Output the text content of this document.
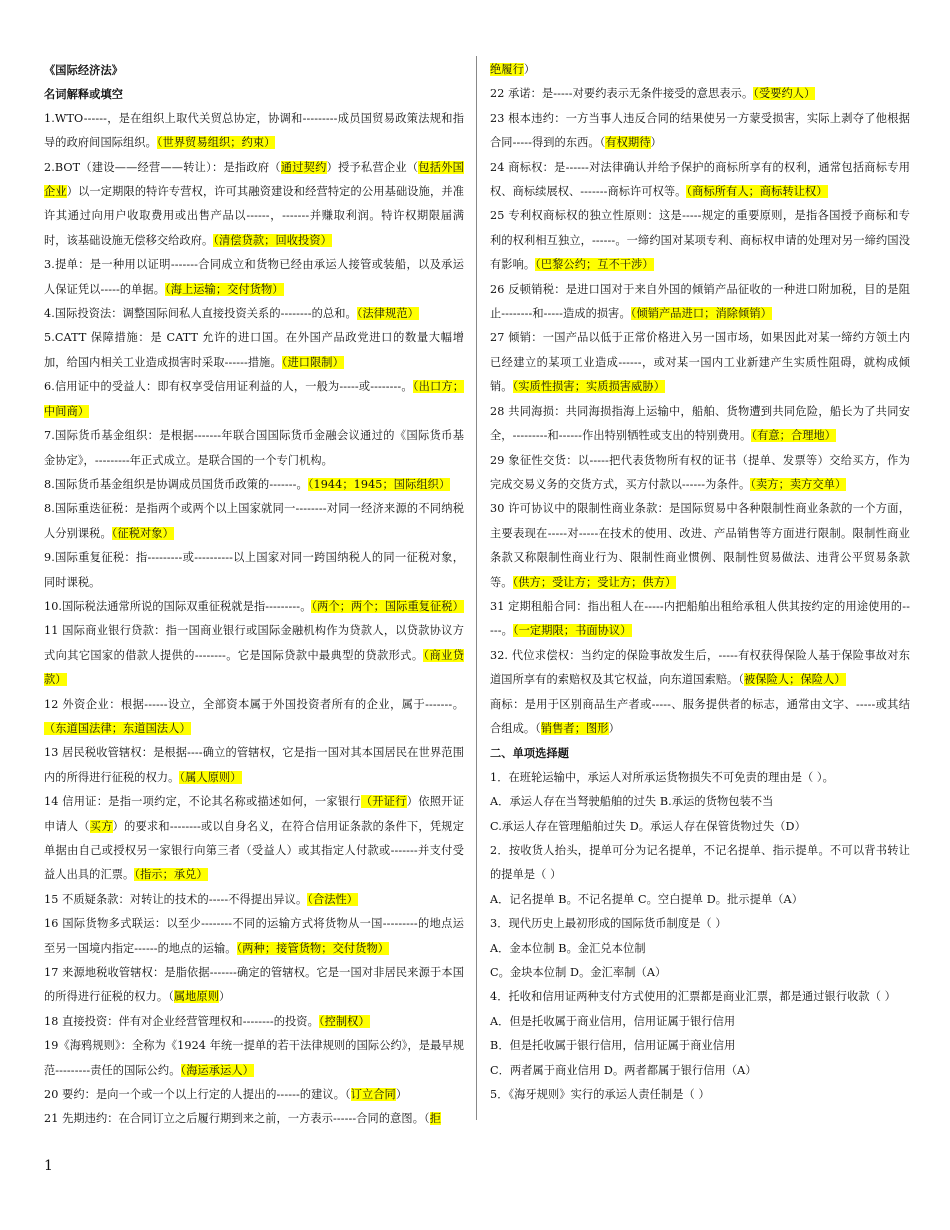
《国际经济法》
名词解释或填空
1.WTO------，是在组织上取代关贸总协定，协调和---------成员国贸易政策法规和指导的政府间国际组织。（世界贸易组织；约束）
2.BOT（建设——经营——转让）：是指政府（通过契约）授予私营企业（包括外国企业）以一定期限的特许专营权，许可其融资建设和经营特定的公用基础设施，并准许其通过向用户收取费用或出售产品以------，-------并赚取利润。特许权期限届满时，该基础设施无偿移交给政府。（清偿贷款；回收投资）
3.提单：是一种用以证明-------合同成立和货物已经由承运人接管或装船，以及承运人保证凭以-----的单据。（海上运输；交付货物）
4.国际投资法：调整国际间私人直接投资关系的--------的总和。（法律规范）
5.CATT 保障措施：是 CATT 允许的进口国。在外国产品政党进口的数量大幅增加，给国内相关工业造成损害时采取------措施。（进口限制）
6.信用证中的受益人：即有权享受信用证利益的人，一般为-----或--------。（出口方；中间商）
7.国际货币基金组织：是根据-------年联合国国际货币金融会议通过的《国际货币基金协定》，---------年正式成立。是联合国的一个专门机构。
8.国际货币基金组织是协调成员国货币政策的-------。（1944；1945；国际组织）
8.国际重迭征税：是指两个或两个以上国家就同一--------对同一经济来源的不同纳税人分别课税。（征税对象）
9.国际重复征税：指---------或----------以上国家对同一跨国纳税人的同一征税对象，同时课税。
10.国际税法通常所说的国际双重征税就是指---------。（两个；两个；国际重复征税）
11 国际商业银行贷款：指一国商业银行或国际金融机构作为贷款人，以贷款协议方式向其它国家的借款人提供的--------。它是国际贷款中最典型的贷款形式。（商业贷款）
12 外资企业：根据------设立，全部资本属于外国投资者所有的企业，属于-------。（东道国法律；东道国法人）
13 居民税收管辖权：是根据----确立的管辖权，它是指一国对其本国居民在世界范围内的所得进行征税的权力。（属人原则）
14 信用证：是指一项约定，不论其名称或描述如何，一家银行（开证行）依照开证申请人（买方）的要求和--------或以自身名义，在符合信用证条款的条件下，凭规定单据由自己或授权另一家银行向第三者（受益人）或其指定人付款或-------并支付受益人出具的汇票。（指示；承兑）
15 不质疑条款：对转让的技术的-----不得提出异议。（合法性）
16 国际货物多式联运：以至少--------不同的运输方式将货物从一国---------的地点运至另一国境内指定------的地点的运输。（两种；接管货物；交付货物）
17 来源地税收管辖权：是脂依据-------确定的管辖权。它是一国对非居民来源于本国的所得进行征税的权力。（属地原则）
18 直接投资：伴有对企业经营管理权和--------的投资。（控制权）
19《海鸦规则》：全称为《1924 年统一提单的若干法律规则的国际公约》，是最早规范---------责任的国际公约。（海运承运人）
20 要约：是向一个或一个以上行定的人提出的------的建议。（订立合同）
21 先期违约：在合同订立之后履行期到来之前，一方表示------合同的意图。（拒
绝履行）
22 承诺：是-----对要约表示无条件接受的意思表示。（受要约人）
23 根本违约：一方当事人违反合同的结果使另一方蒙受损害，实际上剥夺了他根据合同-----得到的东西。（有权期待）
24 商标权：是------对法律确认并给予保护的商标所享有的权利，通常包括商标专用权、商标续展权、-------商标许可权等。（商标所有人；商标转让权）
25 专利权商标权的独立性原则：这是-----规定的重要原则，是指各国授予商标和专利的权利相互独立，------。一缔约国对某项专利、商标权申请的处理对另一缔约国没有影响。（巴黎公约；互不干涉）
26 反顿销税：是进口国对于来自外国的倾销产品征收的一种进口附加税，目的是阻止--------和-----造成的损害。（倾销产品进口；消除倾销）
27 倾销：一国产品以低于正常价格进入另一国市场，如果因此对某一缔约方领土内已经建立的某项工业造成------，或对某一国内工业新建产生实质性阻碍，就构成倾销。（实质性损害；实质损害威胁）
28 共同海损：共同海损指海上运输中，船舶、货物遭到共同危险，船长为了共同安全，---------和------作出特别牺牲或支出的特别费用。（有意；合理地）
29 象征性交货：以-----把代表货物所有权的证书（提单、发票等）交给买方，作为完成交易义务的交货方式，买方付款以------为条件。（卖方；卖方交单）
30 许可协议中的限制性商业条款：是国际贸易中各种限制性商业条款的一个方面，主要表现在-----对-----在技术的使用、改进、产品销售等方面进行限制。限制性商业条款又称限制性商业行为、限制性商业惯例、限制性贸易做法、违背公平贸易条款等。（供方；受让方；受让方；供方）
31 定期租船合同：指出租人在-----内把船舶出租给承租人供其按约定的用途使用的-----。（一定期限；书面协议）
32. 代位求偿权：当约定的保险事故发生后，-----有权获得保险人基于保险事故对东道国所享有的索赔权及其它权益，向东道国索赔。（被保险人；保险人）
商标：是用于区别商品生产者或-----、服务提供者的标志，通常由文字、-----或其结合组成。（销售者；图形）
二、单项选择题
1．在班轮运输中，承运人对所承运货物损失不可免责的理由是（ ）。
A．承运人存在当弩驶船舶的过失 B.承运的货物包装不当
C.承运人存在管理船舶过失 D。承运人存在保管货物过失（D）
2．按收货人抬头，提单可分为记名提单，不记名提单、指示提单。不可以背书转让的提单是（ ）
A．记名提单 B。不记名提单 C。空白提单 D。批示提单（A）
3．现代历史上最初形成的国际货币制度是（ ）
A．金本位制 B。金汇兑本位制
C。金块本位制 D。金汇率制（A）
4．托收和信用证两种支付方式使用的汇票都是商业汇票，都是通过银行收款（ ）
A．但是托收属于商业信用，信用证属于银行信用
B．但是托收属于银行信用，信用证属于商业信用
C．两者属于商业信用 D。两者都属于银行信用（A）
5．《海牙规则》实行的承运人责任制是（ ）
1
